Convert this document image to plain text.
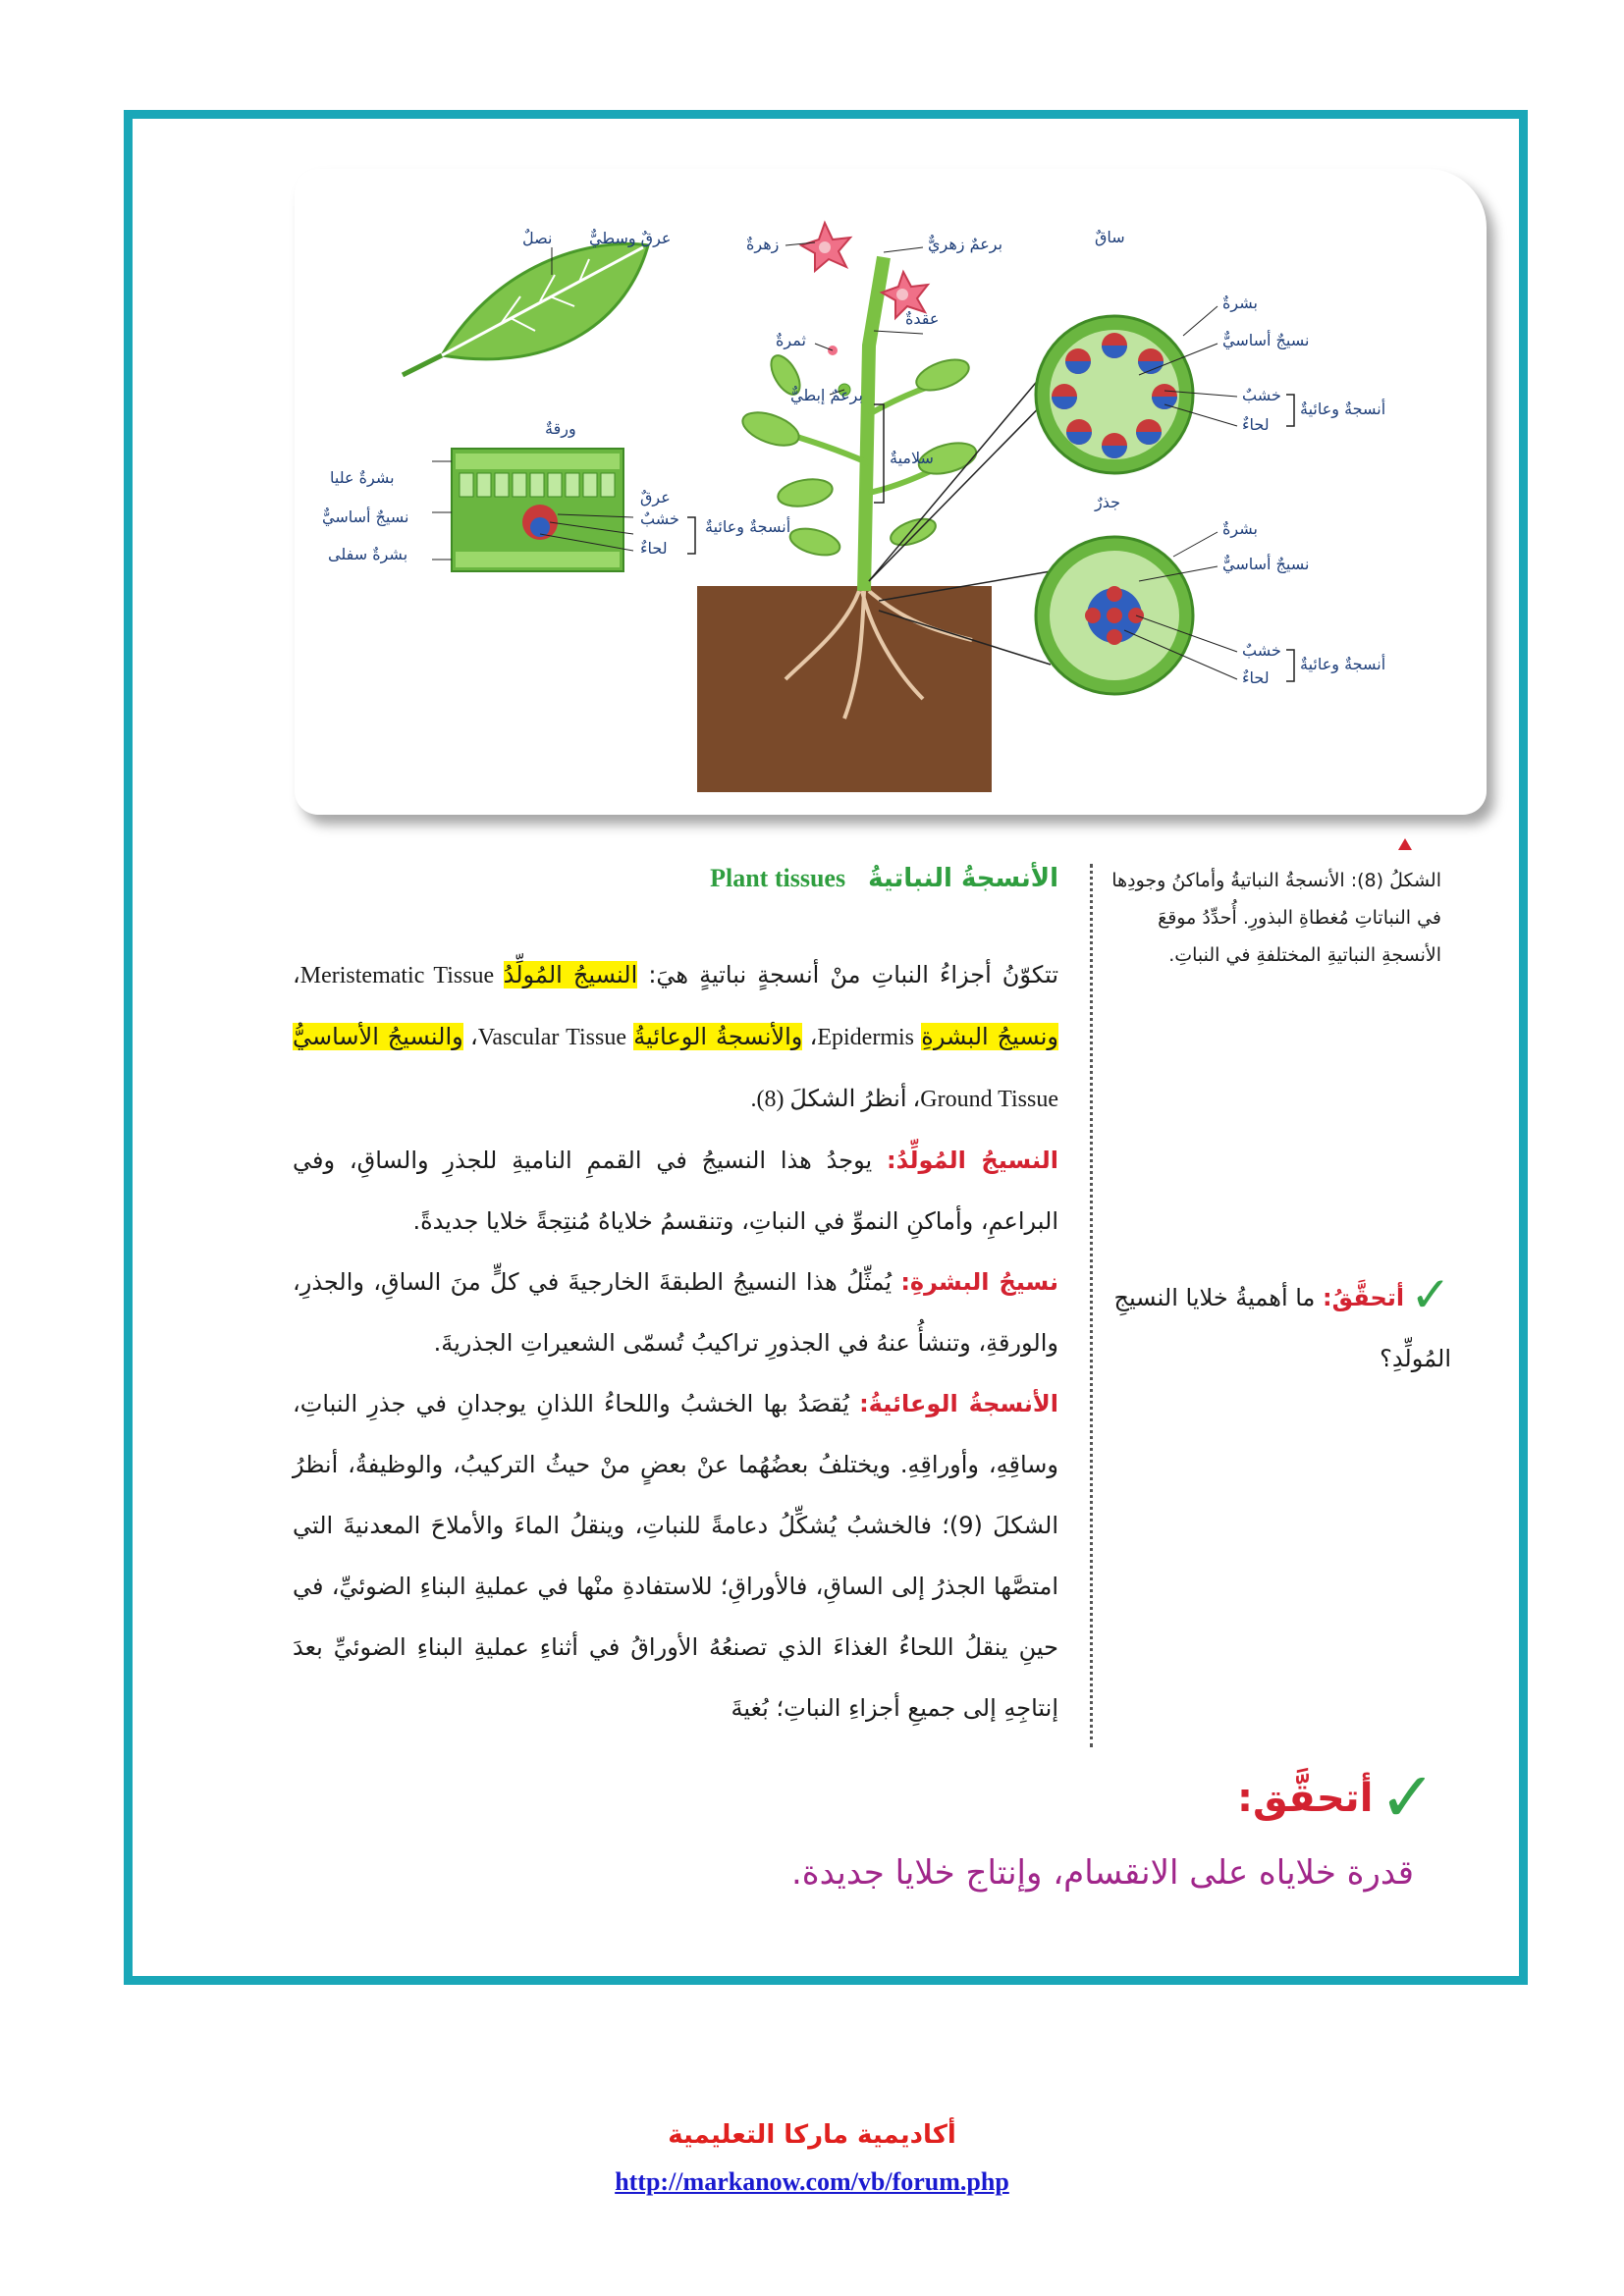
نصلٌ عرقٌ وسطيٌّ
ورقةٌ
بشرةٌ عليا
نسيجٌ أساسيٌّ
بشرةٌ سفلى
عرقٌ
خشبٌ
لحاءٌ
أنسجةٌ وعائيةٌ
زهرةٌ	برعمٌ زهريٌّ
ثمرةٌ
عقدةٌ
برعمٌ إبطيٌّ
سلاميةٌ
ساقٌ
بشرةٌ
نسيجٌ أساسيٌّ
خشبٌ
لحاءٌ
أنسجةٌ وعائيةٌ
جذرٌ
بشرةٌ
نسيجٌ أساسيٌّ
خشبٌ
لحاءٌ
أنسجةٌ وعائيةٌ
الشكلُ (8): الأنسجةُ النباتيةُ وأماكنُ وجودِها في النباتاتِ مُغطاةِ البذورِ. أُحدِّدُ موقعَ الأنسجةِ النباتيةِ المختلفةِ في النباتِ.
الأنسجةُ النباتيةُ Plant tissues

تتكوّنُ أجزاءُ النباتِ منْ أنسجةٍ نباتيةٍ هيَ: النسيجُ المُولِّدُ Meristematic Tissue، ونسيجُ البشرةِ Epidermis، والأنسجةُ الوعائيةُ Vascular Tissue، والنسيجُ الأساسيُّ Ground Tissue، أنظرُ الشكلَ (8).

النسيجُ المُولِّدُ: يوجدُ هذا النسيجُ في القممِ الناميةِ للجذرِ والساقِ، وفي البراعمِ، وأماكنِ النموِّ في النباتِ، وتنقسمُ خلاياهُ مُنتِجةً خلايا جديدةً.

نسيجُ البشرةِ: يُمثِّلُ هذا النسيجُ الطبقةَ الخارجيةَ في كلٍّ منَ الساقِ، والجذرِ، والورقةِ، وتنشأُ عنهُ في الجذورِ تراكيبُ تُسمّى الشعيراتِ الجذريةَ.

الأنسجةُ الوعائيةُ: يُقصَدُ بها الخشبُ واللحاءُ اللذانِ يوجدانِ في جذرِ النباتِ، وساقِهِ، وأوراقِهِ. ويختلفُ بعضُهُما عنْ بعضٍ منْ حيثُ التركيبُ، والوظيفةُ، أنظرُ الشكلَ (9)؛ فالخشبُ يُشكِّلُ دعامةً للنباتِ، وينقلُ الماءَ والأملاحَ المعدنيةَ التي امتصَّها الجذرُ إلى الساقِ، فالأوراقِ؛ للاستفادةِ منْها في عمليةِ البناءِ الضوئيِّ، في حينِ ينقلُ اللحاءُ الغذاءَ الذي تصنعُهُ الأوراقُ في أثناءِ عمليةِ البناءِ الضوئيِّ بعدَ إنتاجِهِ إلى جميعِ أجزاءِ النباتِ؛ بُغيةَ

✓أتحقَّقُ: ما أهميةُ خلايا النسيجِ المُولِّدِ؟
✓أتحقَّق:
قدرة خلاياه على الانقسام، وإنتاج خلايا جديدة.
أكاديمية ماركا التعليمية
http://markanow.com/vb/forum.php
